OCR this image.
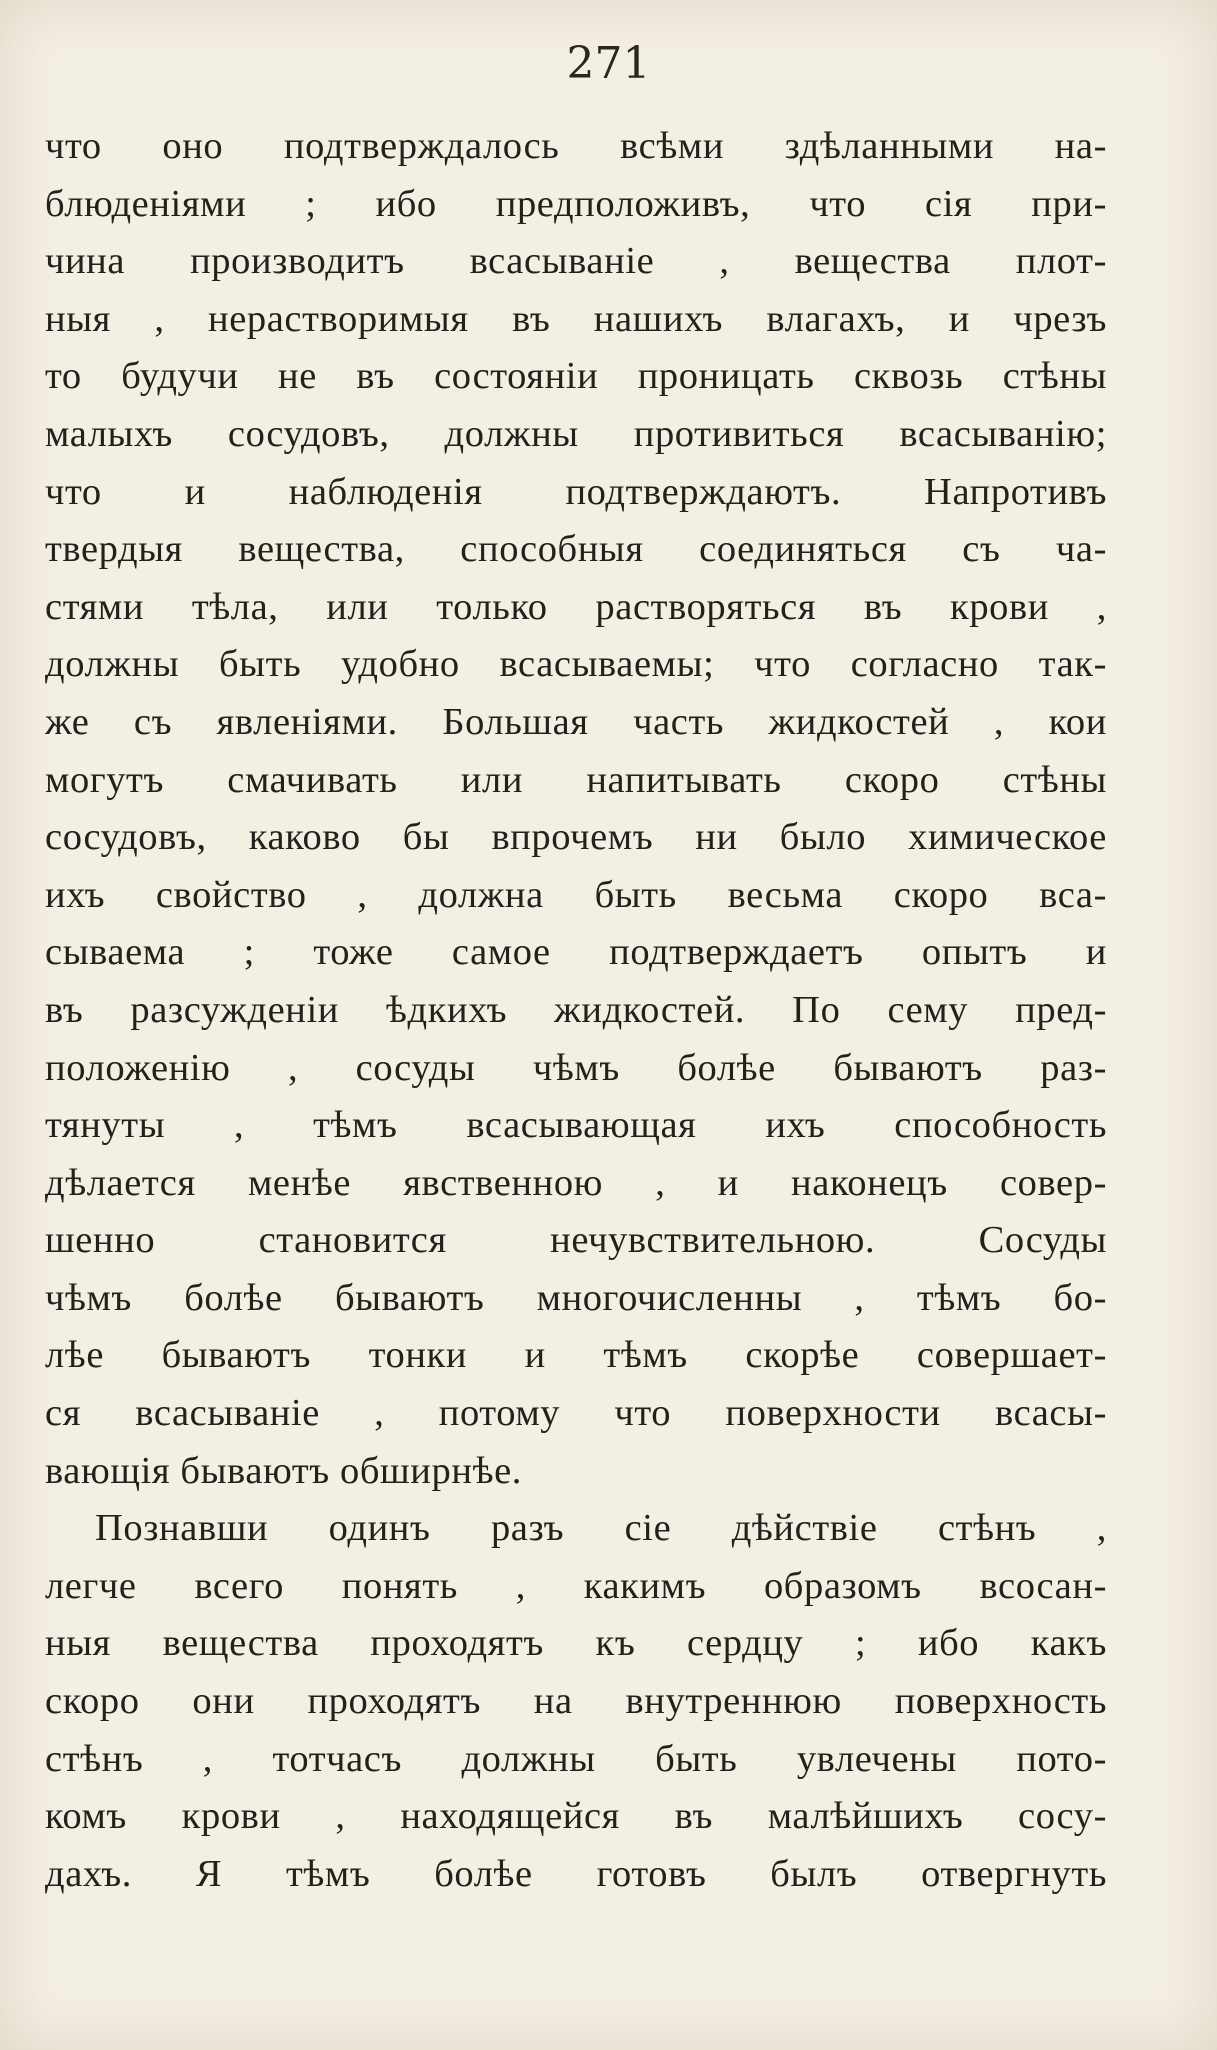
271
что оно подтверждалось всѣми здѣланными на-
блюденіями ; ибо предположивъ, что сія при-
чина производитъ всасываніе , вещества плот-
ныя , нерастворимыя въ нашихъ влагахъ, и чрезъ
то будучи не въ состояніи проницать сквозь стѣны
малыхъ сосудовъ, должны противиться всасыванію;
что и наблюденія подтверждаютъ. Напротивъ
твердыя вещества, способныя соединяться съ ча-
стями тѣла, или только растворяться въ крови ,
должны быть удобно всасываемы; что согласно так-
же съ явленіями. Большая часть жидкостей , кои
могутъ смачивать или напитывать скоро стѣны
сосудовъ, каково бы впрочемъ ни было химическое
ихъ свойство , должна быть весьма скоро вса-
сываема ; тоже самое подтверждаетъ опытъ и
въ разсужденіи ѣдкихъ жидкостей. По сему пред-
положенію , сосуды чѣмъ болѣе бываютъ раз-
тянуты , тѣмъ всасывающая ихъ способность
дѣлается менѣе явственною , и наконецъ совер-
шенно становится нечувствительною. Сосуды
чѣмъ болѣе бываютъ многочисленны , тѣмъ бо-
лѣе бываютъ тонки и тѣмъ скорѣе совершает-
ся всасываніе , потому что поверхности всасы-
вающія бываютъ обширнѣе.
Познавши одинъ разъ сіе дѣйствіе стѣнъ ,
легче всего понять , какимъ образомъ всосан-
ныя вещества проходятъ къ сердцу ; ибо какъ
скоро они проходятъ на внутреннюю поверхность
стѣнъ , тотчасъ должны быть увлечены пото-
комъ крови , находящейся въ малѣйшихъ сосу-
дахъ. Я тѣмъ болѣе готовъ былъ отвергнуть
